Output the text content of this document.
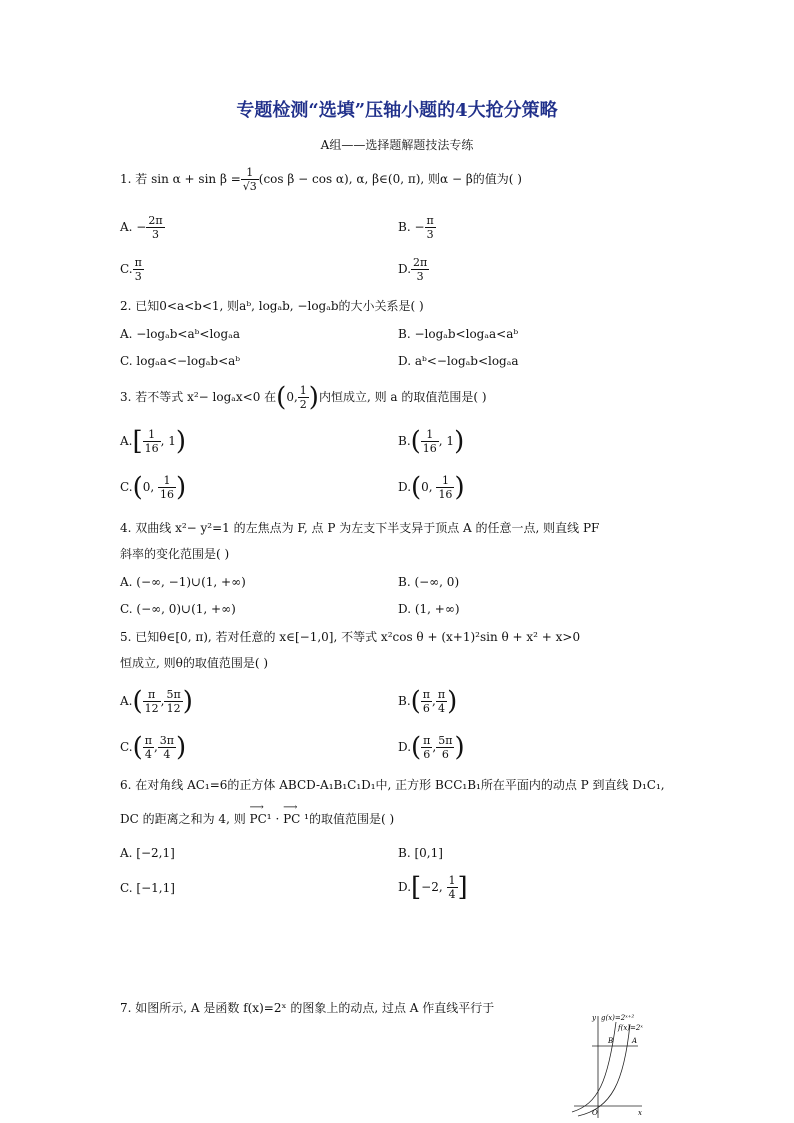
专题检测“选填”压轴小题的4大抢分策略
A组——选择题解题技法专练
1. 若 $\sin \alpha + \sin \beta = \frac{1}{√3} (\cos$ β − cos α), α, β∈(0, π), 则α − β的值为( )
A. − $\frac{2\pi}{3}$	B. − $\frac{\pi}{3}$
C. $\frac{\pi}{3}$	D. $\frac{2\pi}{3}$
2. 已知0<a<b<1, 则aᵇ, logₐb, −logₐb的大小关系是( )
A. −logₐb<aᵇ<logₐa	B. −logₐb<logₐa<aᵇ
C. logₐa<−logₐb<aᵇ	D. aᵇ<−logₐb<logₐa
3. 若不等式 x²− logₐx<0 在(0, $\frac{1}{2}$ )内恒成立, 则 a 的取值范围是( )
$A.[ \frac{1}{16}$ , 1)	$B.( \frac{1}{16}$ , 1)
C.(0, $\frac{1}{16}$ )	D.(0, $\frac{1}{16}$ )
4. 双曲线 x²− y²=1 的左焦点为 F, 点 P 为左支下半支异于顶点 A 的任意一点, 则直线 PF
斜率的变化范围是( )
A. (−∞, −1)∪(1, +∞)	B. (−∞, 0)
C. (−∞, 0)∪(1, +∞)	D. (1, +∞)
5. 已知θ∈[0, π), 若对任意的 x∈[−1,0], 不等式 x²cos θ + (x+1)²sin θ + x² + x>0
恒成立, 则θ的取值范围是( )
$A.( \frac{\pi}{12}$ , $\frac{5\pi}{12}$ )	$B.( \frac{\pi}{6}$ , $\frac{\pi}{4}$ )
$C.( \frac{\pi}{4}$ , $\frac{3\pi}{4}$ )	$D.( \frac{\pi}{6}$ , $\frac{5\pi}{6}$ )
6. 在对角线 AC₁=6的正方体 ABCD-A₁B₁C₁D₁中, 正方形 BCC₁B₁所在平面内的动点 P 到直线 D₁C₁,
DC 的距离之和为 4, 则 ⟶ PC¹ · ⟶ PC ¹的取值范围是( )
A. [−2,1]	B. [0,1]
C. [−1,1]	D.[−2, $\frac{1}{4}$ ]
7. 如图所示, A 是函数 f(x)=2ˣ 的图象上的动点, 过点 A 作直线平行于
y g(x)=2ˣ⁺²
f(x)=2ˣ
B	A
O	x
